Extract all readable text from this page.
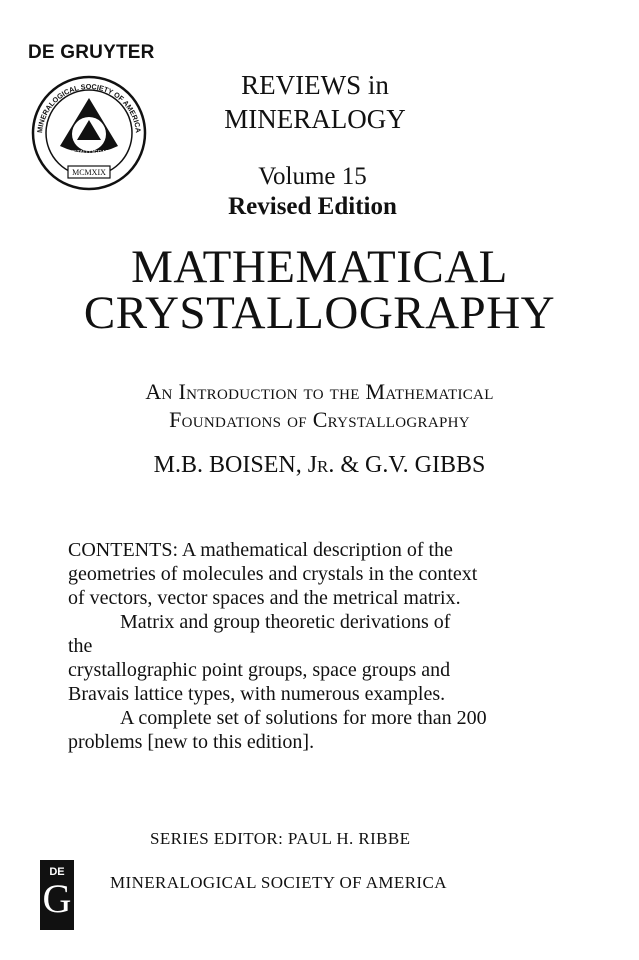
DE GRUYTER
MINERALOGICAL SOCIETY OF AMERICA
CRYSTALLOGRAPHY
MCMXIX
REVIEWS in
MINERALOGY
Volume 15
Revised Edition
MATHEMATICAL
CRYSTALLOGRAPHY
An Introduction to the Mathematical
Foundations of Crystallography
M.B. BOISEN, Jr. & G.V. GIBBS
CONTENTS: A mathematical description of the
geometries of molecules and crystals in the context
of vectors, vector spaces and the metrical matrix.
Matrix and group theoretic derivations of
the
crystallographic point groups, space groups and
Bravais lattice types, with numerous examples.
A complete set of solutions for more than 200
problems [new to this edition].
SERIES EDITOR: PAUL H. RIBBE
DE
G MINERALOGICAL SOCIETY OF AMERICA
